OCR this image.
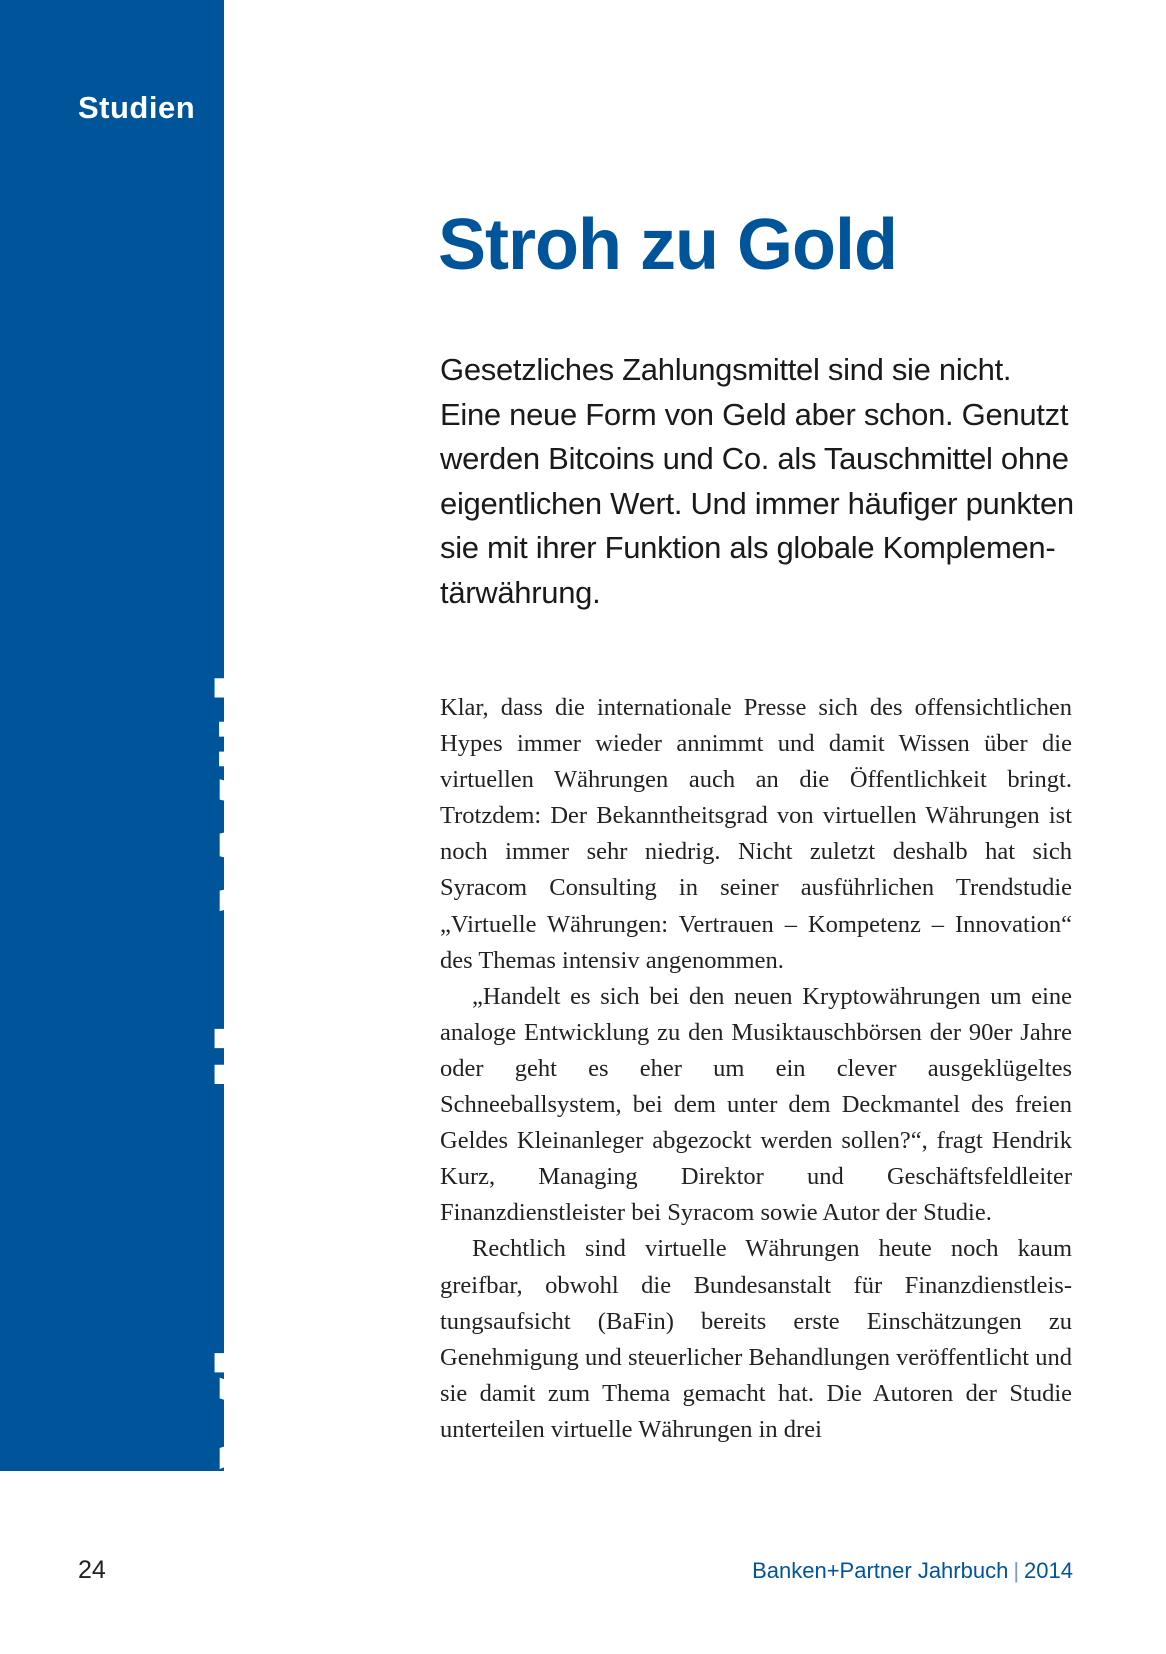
Studien
Virtuelle Währungen Stroh zu Gold

Gesetzliches Zahlungsmittel sind sie nicht. Eine neue Form von Geld aber schon. Genutzt werden Bitcoins und Co. als Tauschmittel ohne eigentlichen Wert. Und immer häufiger punkten sie mit ihrer Funktion als globale Komplementärwährung.

Klar, dass die internationale Presse sich des offensichtlichen Hypes immer wieder annimmt und damit Wissen über die virtuellen Währungen auch an die Öffentlichkeit bringt. Trotzdem: Der Bekanntheitsgrad von virtuellen Währungen ist noch immer sehr niedrig. Nicht zuletzt deshalb hat sich Syracom Consulting in seiner ausführlichen Trendstudie „Virtuelle Währungen: Vertrauen – Kompetenz – Innovation“ des Themas intensiv angenommen.

„Handelt es sich bei den neuen Kryptowährungen um eine analoge Entwicklung zu den Musiktauschbörsen der 90er Jahre oder geht es eher um ein clever ausgeklügeltes Schneeballsystem, bei dem unter dem Deckmantel des freien Geldes Kleinanleger abgezockt werden sollen?“, fragt Hendrik Kurz, Managing Direktor und Geschäftsfeldleiter Finanzdienstleister bei Syracom sowie Autor der Studie.

Rechtlich sind virtuelle Währungen heute noch kaum greifbar, obwohl die Bundesanstalt für Finanzdienstleistungsaufsicht (BaFin) bereits erste Einschätzungen zu Genehmigung und steuerlicher Behandlungen veröffentlicht und sie damit zum Thema gemacht hat. Die Autoren der Studie unterteilen virtuelle Währungen in drei

24	Banken+Partner Jahrbuch | 2014
